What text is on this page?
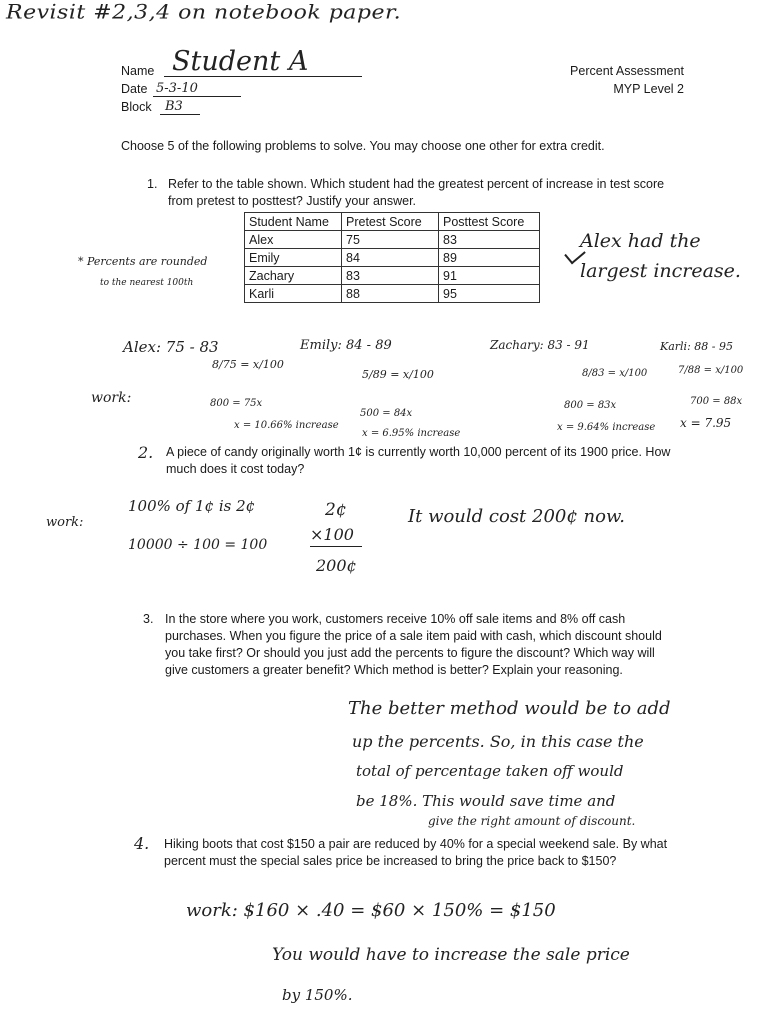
Revisit #2,3,4 on notebook paper.
Name Student A
Date 5-3-10
Block B3
Percent Assessment
MYP Level 2
Choose 5 of the following problems to solve. You may choose one other for extra credit.
1. Refer to the table shown. Which student had the greatest percent of increase in test score from pretest to posttest? Justify your answer.
Student Name	Pretest Score	Posttest Score
Alex	75	83
Emily	84	89
Zachary	83	91
Karli	88	95
* Percents are rounded
to the nearest 100th
Alex had the
largest increase.
work:
Alex: 75 - 83
8/75 = x/100
800 = 75x
x = 10.66% increase
Emily: 84 - 89
5/89 = x/100
500 = 84x
x = 6.95% increase
Zachary: 83 - 91
8/83 = x/100
800 = 83x
x = 9.64% increase
Karli: 88 - 95
7/88 = x/100
700 = 88x
x = 7.95
2. A piece of candy originally worth 1¢ is currently worth 10,000 percent of its 1900 price. How much does it cost today?
100% of 1¢ is 2¢
work:
10000 ÷ 100 = 100
2¢
×100
200¢
It would cost 200¢ now.
3. In the store where you work, customers receive 10% off sale items and 8% off cash purchases. When you figure the price of a sale item paid with cash, which discount should you take first? Or should you just add the percents to figure the discount? Which way will give customers a greater benefit? Which method is better? Explain your reasoning.
The better method would be to add
up the percents. So, in this case the
total of percentage taken off would
be 18%. This would save time and
give the right amount of discount.
4. Hiking boots that cost $150 a pair are reduced by 40% for a special weekend sale. By what percent must the special sales price be increased to bring the price back to $150?
work: $160 × .40 = $60 × 150% = $150
You would have to increase the sale price
by 150%.
